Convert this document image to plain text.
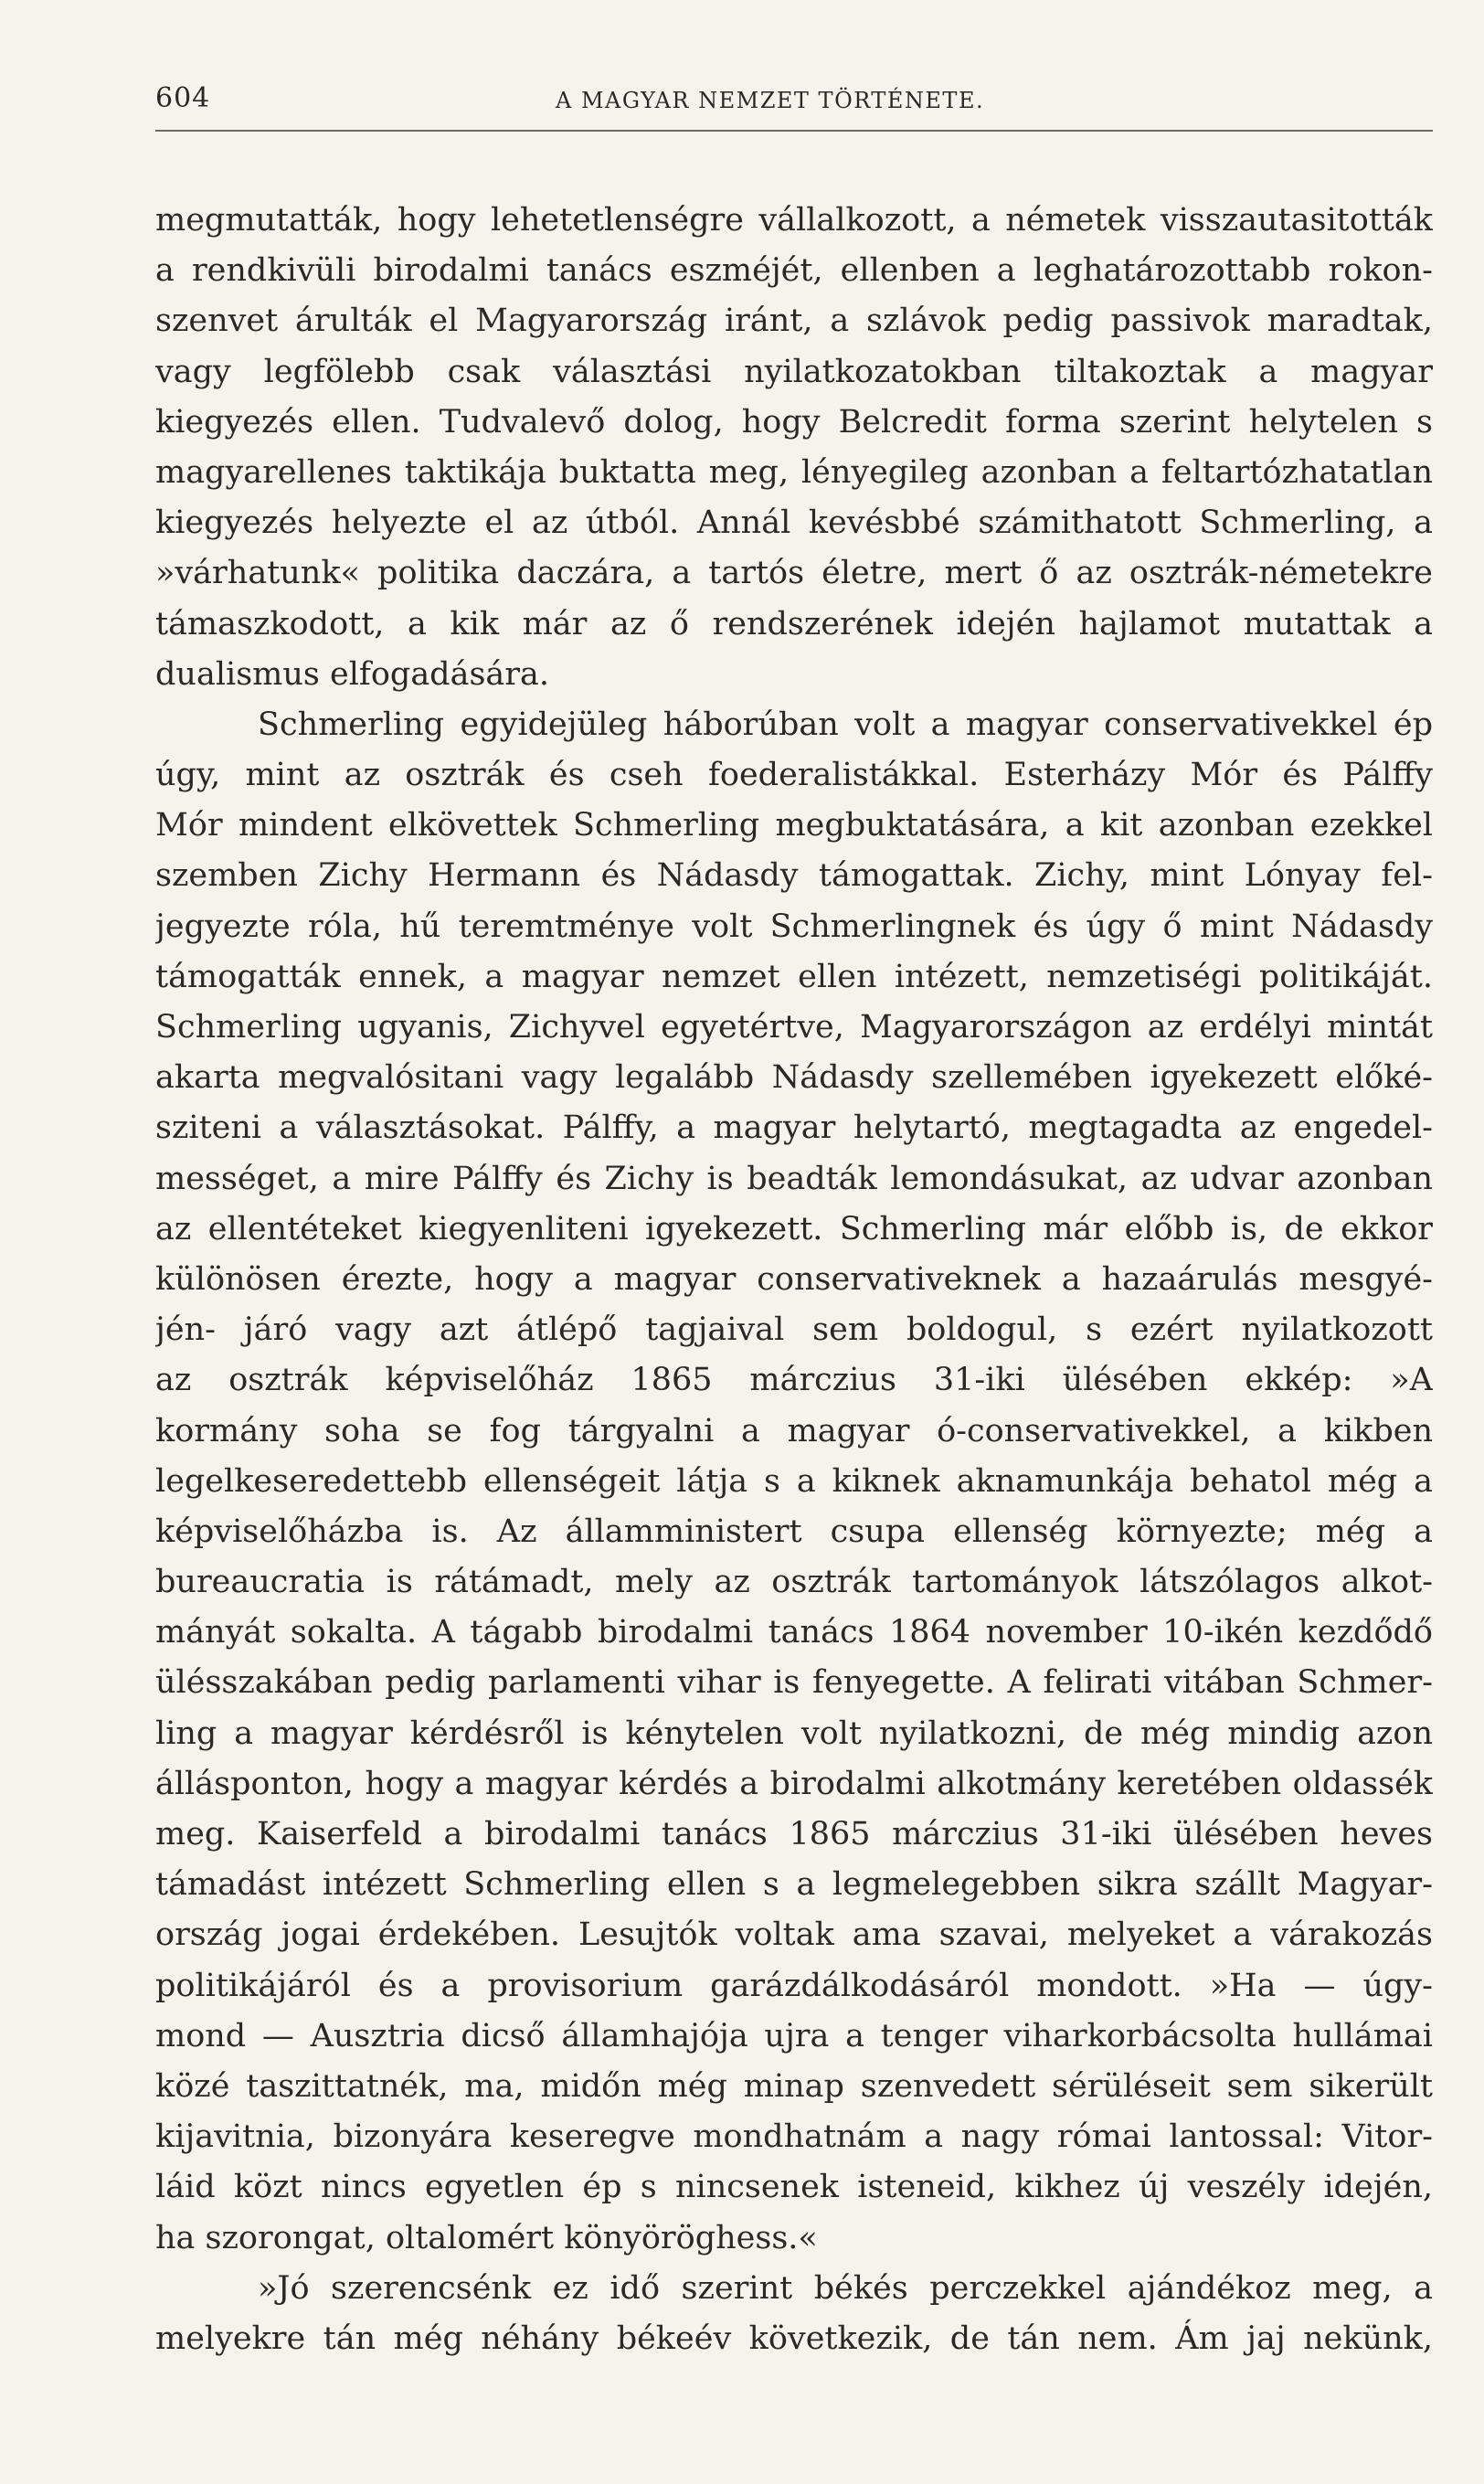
604	A MAGYAR NEMZET TÖRTÉNETE.
megmutatták, hogy lehetetlenségre vállalkozott, a németek visszautasitották
a rendkivüli birodalmi tanács eszméjét, ellenben a leghatározottabb rokon-
szenvet árulták el Magyarország iránt, a szlávok pedig passivok maradtak,
vagy legfölebb csak választási nyilatkozatokban tiltakoztak a magyar
kiegyezés ellen. Tudvalevő dolog, hogy Belcredit forma szerint helytelen s
magyarellenes taktikája buktatta meg, lényegileg azonban a feltartózhatatlan
kiegyezés helyezte el az útból. Annál kevésbbé számithatott Schmerling, a
»várhatunk« politika daczára, a tartós életre, mert ő az osztrák-németekre
támaszkodott, a kik már az ő rendszerének idején hajlamot mutattak a
dualismus elfogadására.
Schmerling egyidejüleg háborúban volt a magyar conservativekkel ép
úgy, mint az osztrák és cseh foederalistákkal. Esterházy Mór és Pálffy
Mór mindent elkövettek Schmerling megbuktatására, a kit azonban ezekkel
szemben Zichy Hermann és Nádasdy támogattak. Zichy, mint Lónyay fel-
jegyezte róla, hű teremtménye volt Schmerlingnek és úgy ő mint Nádasdy
támogatták ennek, a magyar nemzet ellen intézett, nemzetiségi politikáját.
Schmerling ugyanis, Zichyvel egyetértve, Magyarországon az erdélyi mintát
akarta megvalósitani vagy legalább Nádasdy szellemében igyekezett előké-
sziteni a választásokat. Pálffy, a magyar helytartó, megtagadta az engedel-
mességet, a mire Pálffy és Zichy is beadták lemondásukat, az udvar azonban
az ellentéteket kiegyenliteni igyekezett. Schmerling már előbb is, de ekkor
különösen érezte, hogy a magyar conservativeknek a hazaárulás mesgyé-
jén‑ járó vagy azt átlépő tagjaival sem boldogul, s ezért nyilatkozott
az osztrák képviselőház 1865 márczius 31-iki ülésében ekkép: »A
kormány soha se fog tárgyalni a magyar ó-conservativekkel, a kikben
legelkeseredettebb ellenségeit látja s a kiknek aknamunkája behatol még a
képviselőházba is. Az államministert csupa ellenség környezte; még a
bureaucratia is rátámadt, mely az osztrák tartományok látszólagos alkot-
mányát sokalta. A tágabb birodalmi tanács 1864 november 10-ikén kezdődő
ülésszakában pedig parlamenti vihar is fenyegette. A felirati vitában Schmer-
ling a magyar kérdésről is kénytelen volt nyilatkozni, de még mindig azon
állásponton, hogy a magyar kérdés a birodalmi alkotmány keretében oldassék
meg. Kaiserfeld a birodalmi tanács 1865 márczius 31-iki ülésében heves
támadást intézett Schmerling ellen s a legmelegebben sikra szállt Magyar-
ország jogai érdekében. Lesujtók voltak ama szavai, melyeket a várakozás
politikájáról és a provisorium garázdálkodásáról mondott. »Ha — úgy-
mond — Ausztria dicső államhajója ujra a tenger viharkorbácsolta hullámai
közé taszittatnék, ma, midőn még minap szenvedett sérüléseit sem sikerült
kijavitnia, bizonyára keseregve mondhatnám a nagy római lantossal: Vitor-
láid közt nincs egyetlen ép s nincsenek isteneid, kikhez új veszély idején,
ha szorongat, oltalomért könyöröghess.«
»Jó szerencsénk ez idő szerint békés perczekkel ajándékoz meg, a
melyekre tán még néhány békeév következik, de tán nem. Ám jaj nekünk,
